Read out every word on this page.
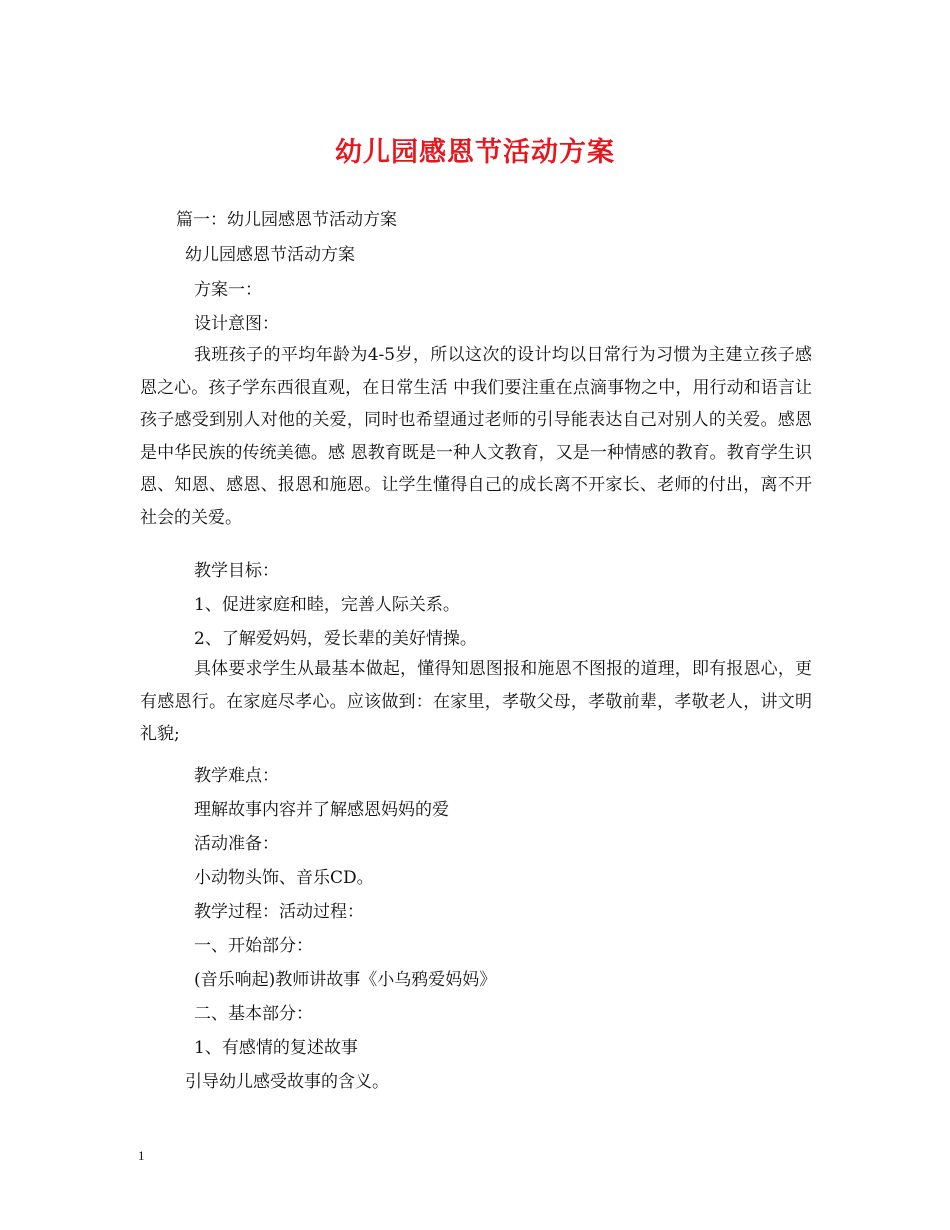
幼儿园感恩节活动方案
篇一：幼儿园感恩节活动方案
幼儿园感恩节活动方案
方案一：
设计意图：
我班孩子的平均年龄为4-5岁，所以这次的设计均以日常行为习惯为主建立孩子感恩之心。孩子学东西很直观，在日常生活 中我们要注重在点滴事物之中，用行动和语言让孩子感受到别人对他的关爱，同时也希望通过老师的引导能表达自己对别人的关爱。感恩是中华民族的传统美德。感 恩教育既是一种人文教育，又是一种情感的教育。教育学生识恩、知恩、感恩、报恩和施恩。让学生懂得自己的成长离不开家长、老师的付出，离不开社会的关爱。
教学目标：
1、促进家庭和睦，完善人际关系。
2、了解爱妈妈，爱长辈的美好情操。
具体要求学生从最基本做起，懂得知恩图报和施恩不图报的道理，即有报恩心，更有感恩行。在家庭尽孝心。应该做到：在家里，孝敬父母，孝敬前辈，孝敬老人，讲文明礼貌;
教学难点：
理解故事内容并了解感恩妈妈的爱
活动准备：
小动物头饰、音乐CD。
教学过程：活动过程：
一、开始部分：
(音乐响起)教师讲故事《小乌鸦爱妈妈》
二、基本部分：
1、有感情的复述故事
引导幼儿感受故事的含义。
1
